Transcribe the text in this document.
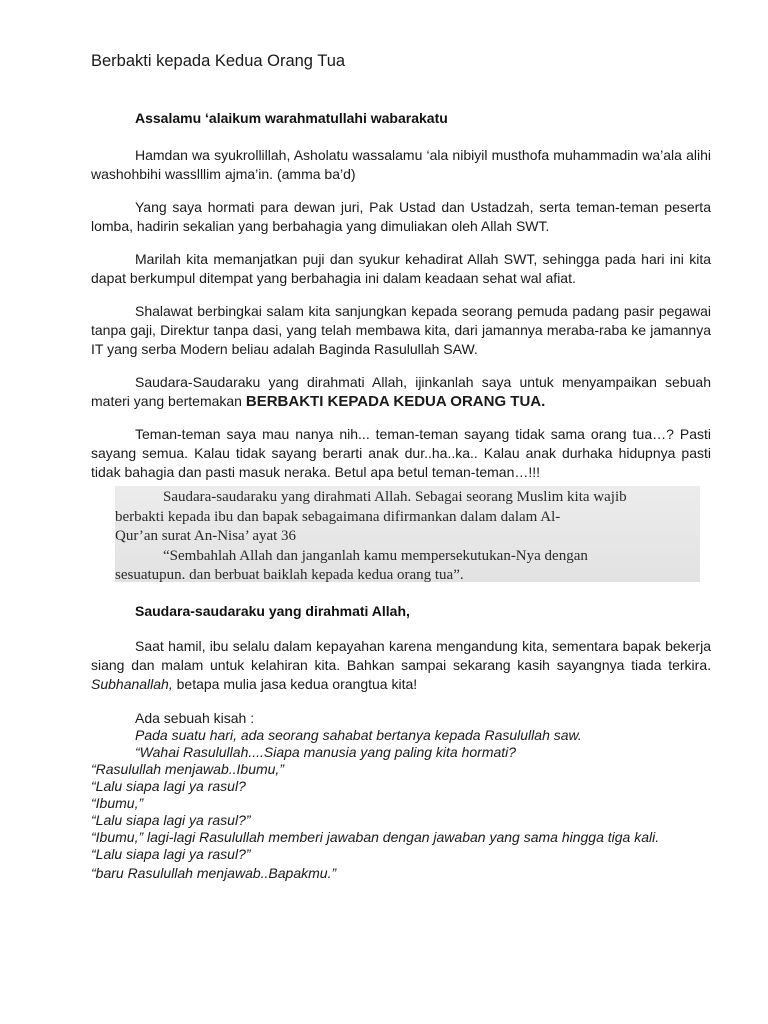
Berbakti kepada Kedua Orang Tua
Assalamu ‘alaikum warahmatullahi wabarakatu
Hamdan wa syukrollillah, Asholatu wassalamu ‘ala nibiyil musthofa muhammadin wa’ala alihi washohbihi wasslllim ajma’in. (amma ba’d)
Yang saya hormati para dewan juri, Pak Ustad dan Ustadzah, serta teman-teman peserta lomba, hadirin sekalian yang berbahagia yang dimuliakan oleh Allah SWT.
Marilah kita memanjatkan puji dan syukur kehadirat Allah SWT, sehingga pada hari ini kita dapat berkumpul ditempat yang berbahagia ini dalam keadaan sehat wal afiat.
Shalawat berbingkai salam kita sanjungkan kepada seorang pemuda padang pasir pegawai tanpa gaji, Direktur tanpa dasi, yang telah membawa kita, dari jamannya meraba-raba ke jamannya IT yang serba Modern beliau adalah Baginda Rasulullah SAW.
Saudara-Saudaraku yang dirahmati Allah, ijinkanlah saya untuk menyampaikan sebuah materi yang bertemakan BERBAKTI KEPADA KEDUA ORANG TUA.
Teman-teman saya mau nanya nih... teman-teman sayang tidak sama orang tua…? Pasti sayang semua. Kalau tidak sayang berarti anak dur..ha..ka.. Kalau anak durhaka hidupnya pasti tidak bahagia dan pasti masuk neraka. Betul apa betul teman-teman…!!!
Saudara-saudaraku yang dirahmati Allah. Sebagai seorang Muslim kita wajib
berbakti kepada ibu dan bapak sebagaimana difirmankan dalam dalam Al-
Qur’an surat An-Nisa’ ayat 36
“Sembahlah Allah dan janganlah kamu mempersekutukan-Nya dengan
sesuatupun. dan berbuat baiklah kepada kedua orang tua”.
Saudara-saudaraku yang dirahmati Allah,
Saat hamil, ibu selalu dalam kepayahan karena mengandung kita, sementara bapak bekerja siang dan malam untuk kelahiran kita. Bahkan sampai sekarang kasih sayangnya tiada terkira. Subhanallah, betapa mulia jasa kedua orangtua kita!
Ada sebuah kisah :
Pada suatu hari, ada seorang sahabat bertanya kepada Rasulullah saw.
“Wahai Rasulullah....Siapa manusia yang paling kita hormati?
“Rasulullah menjawab..Ibumu,”
“Lalu siapa lagi ya rasul?
“Ibumu,”
“Lalu siapa lagi ya rasul?”
“Ibumu,” lagi-lagi Rasulullah memberi jawaban dengan jawaban yang sama hingga tiga kali.
“Lalu siapa lagi ya rasul?”
“baru Rasulullah menjawab..Bapakmu.”
